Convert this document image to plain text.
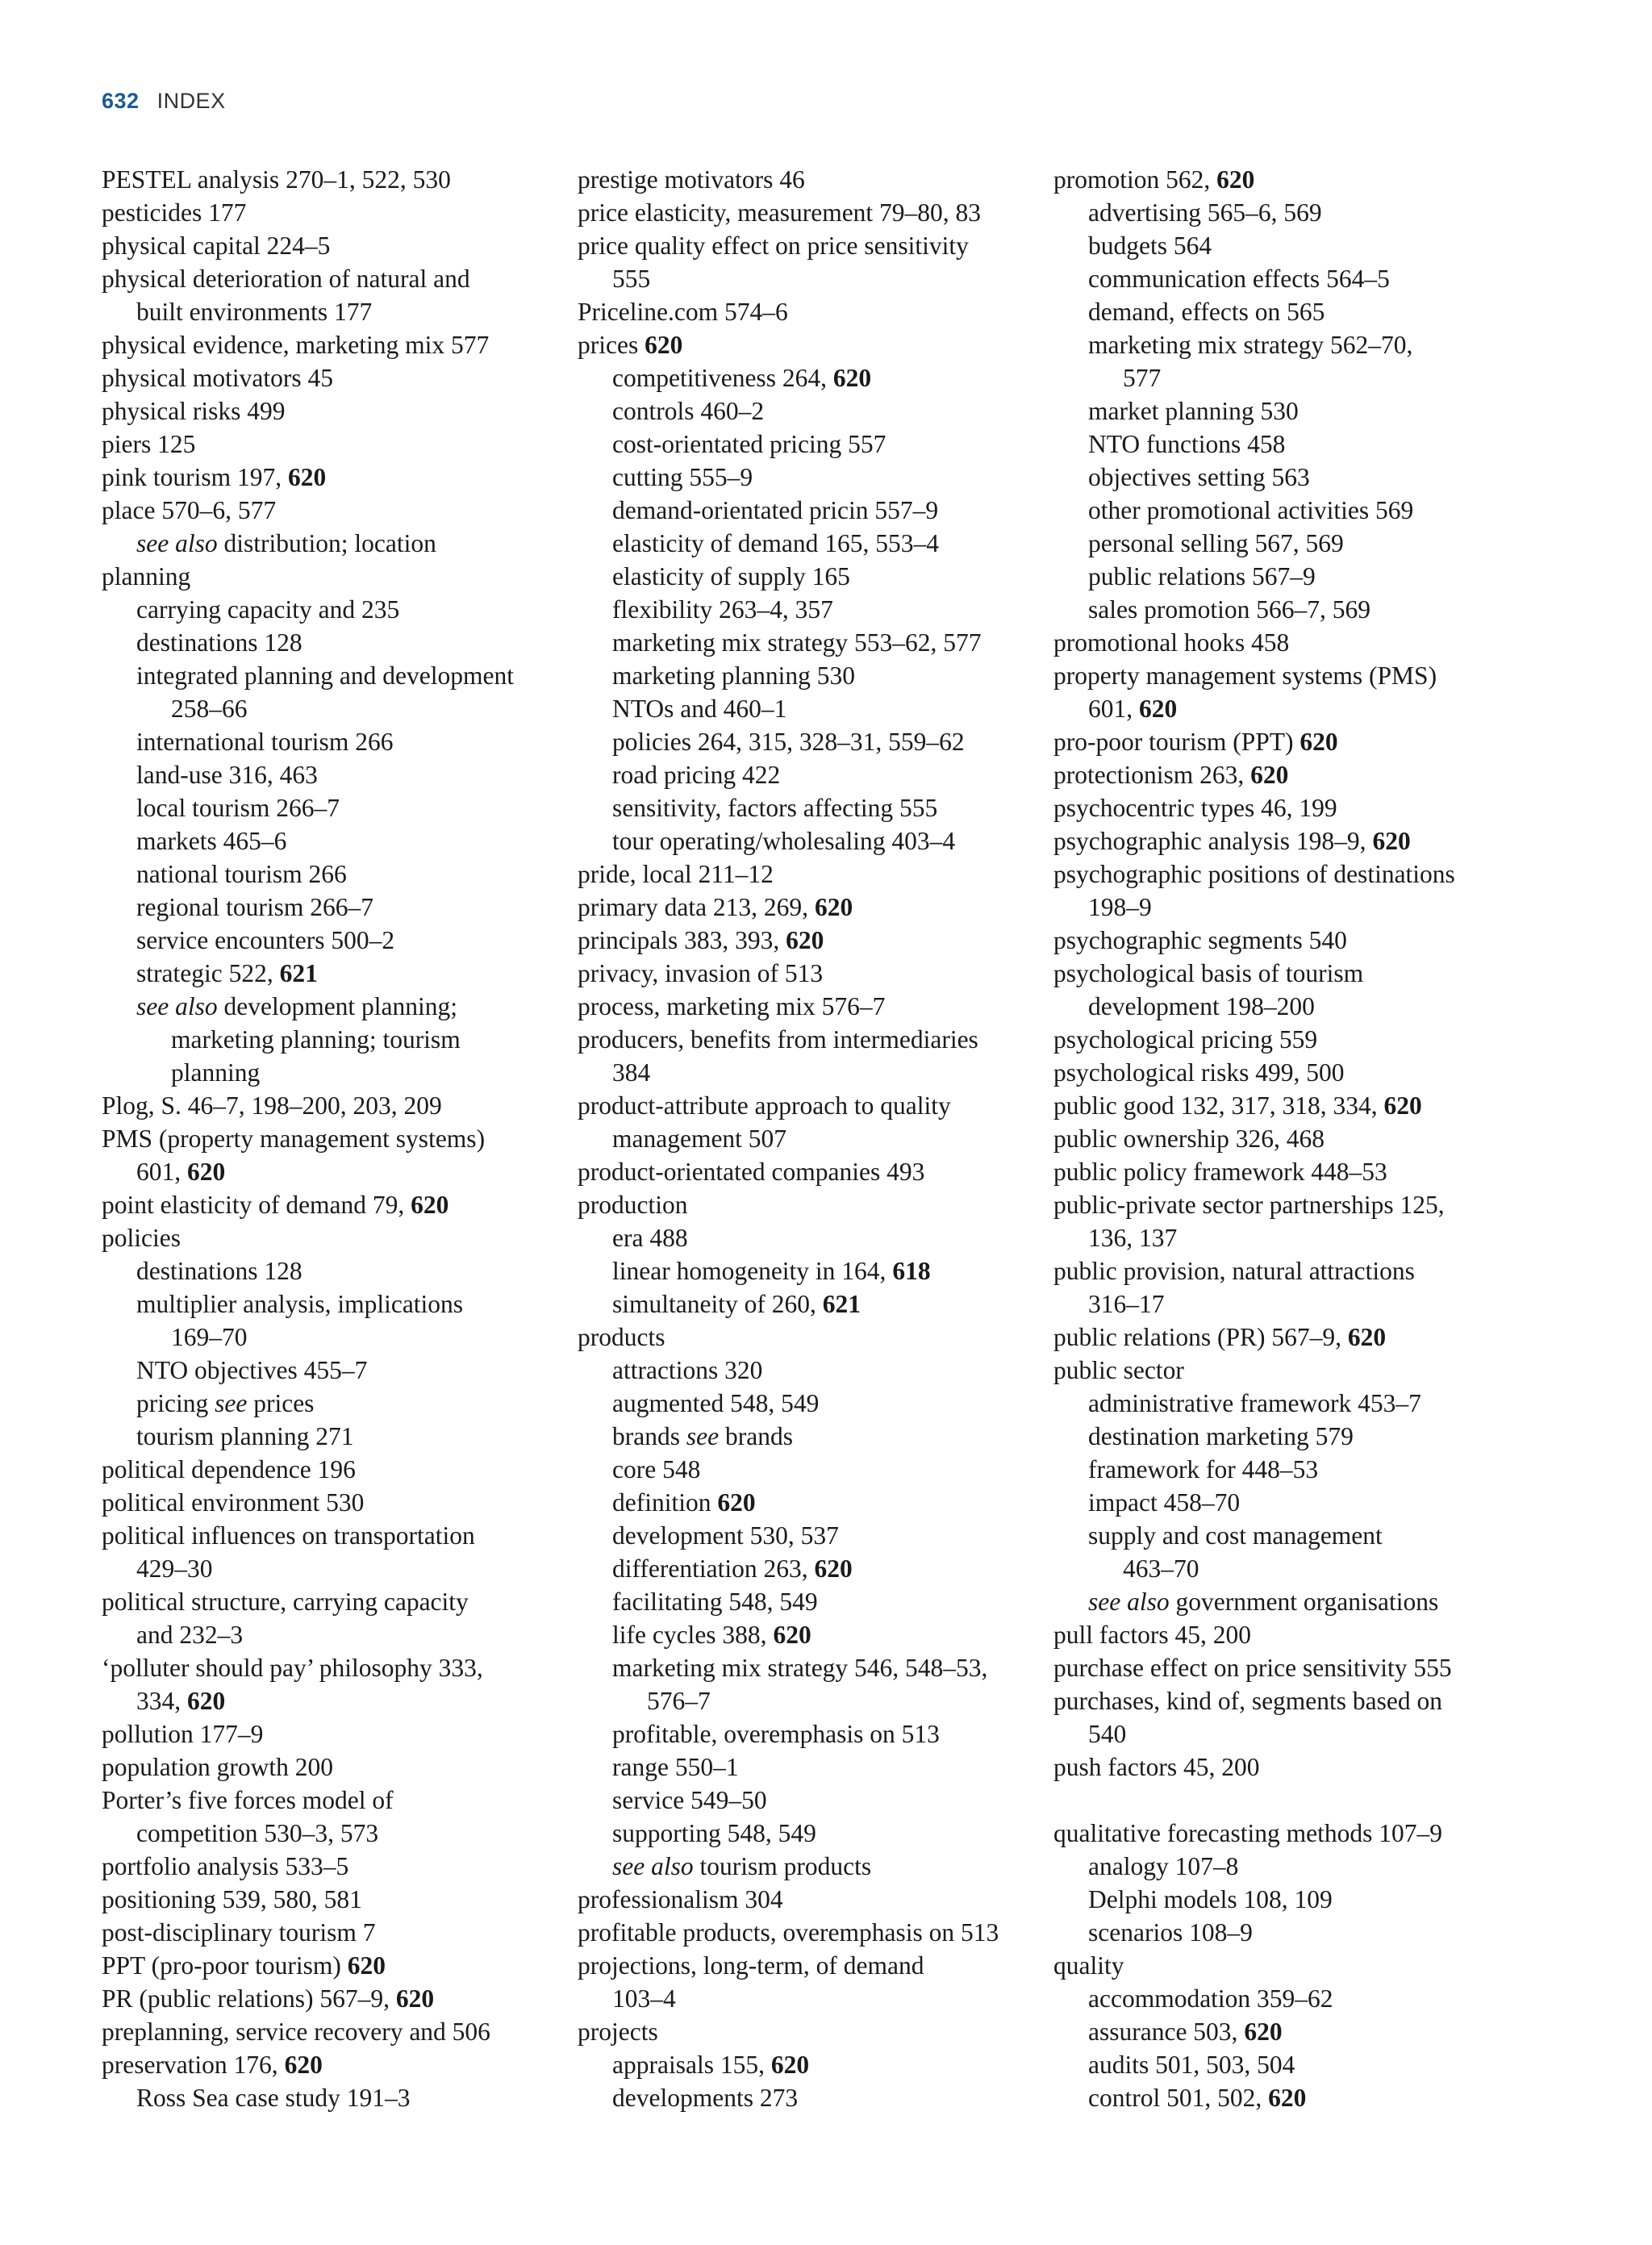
632 INDEX
PESTEL analysis 270–1, 522, 530
pesticides 177
physical capital 224–5
physical deterioration of natural and
built environments 177
physical evidence, marketing mix 577
physical motivators 45
physical risks 499
piers 125
pink tourism 197, 620
place 570–6, 577
see also distribution; location
planning
carrying capacity and 235
destinations 128
integrated planning and development
258–66
international tourism 266
land-use 316, 463
local tourism 266–7
markets 465–6
national tourism 266
regional tourism 266–7
service encounters 500–2
strategic 522, 621
see also development planning;
marketing planning; tourism
planning
Plog, S. 46–7, 198–200, 203, 209
PMS (property management systems)
601, 620
point elasticity of demand 79, 620
policies
destinations 128
multiplier analysis, implications
169–70
NTO objectives 455–7
pricing see prices
tourism planning 271
political dependence 196
political environment 530
political influences on transportation
429–30
political structure, carrying capacity
and 232–3
‘polluter should pay’ philosophy 333,
334, 620
pollution 177–9
population growth 200
Porter’s five forces model of
competition 530–3, 573
portfolio analysis 533–5
positioning 539, 580, 581
post-disciplinary tourism 7
PPT (pro-poor tourism) 620
PR (public relations) 567–9, 620
preplanning, service recovery and 506
preservation 176, 620
Ross Sea case study 191–3
prestige motivators 46
price elasticity, measurement 79–80, 83
price quality effect on price sensitivity
555
Priceline.com 574–6
prices 620
competitiveness 264, 620
controls 460–2
cost-orientated pricing 557
cutting 555–9
demand-orientated pricin 557–9
elasticity of demand 165, 553–4
elasticity of supply 165
flexibility 263–4, 357
marketing mix strategy 553–62, 577
marketing planning 530
NTOs and 460–1
policies 264, 315, 328–31, 559–62
road pricing 422
sensitivity, factors affecting 555
tour operating/wholesaling 403–4
pride, local 211–12
primary data 213, 269, 620
principals 383, 393, 620
privacy, invasion of 513
process, marketing mix 576–7
producers, benefits from intermediaries
384
product-attribute approach to quality
management 507
product-orientated companies 493
production
era 488
linear homogeneity in 164, 618
simultaneity of 260, 621
products
attractions 320
augmented 548, 549
brands see brands
core 548
definition 620
development 530, 537
differentiation 263, 620
facilitating 548, 549
life cycles 388, 620
marketing mix strategy 546, 548–53,
576–7
profitable, overemphasis on 513
range 550–1
service 549–50
supporting 548, 549
see also tourism products
professionalism 304
profitable products, overemphasis on 513
projections, long-term, of demand
103–4
projects
appraisals 155, 620
developments 273
promotion 562, 620
advertising 565–6, 569
budgets 564
communication effects 564–5
demand, effects on 565
marketing mix strategy 562–70,
577
market planning 530
NTO functions 458
objectives setting 563
other promotional activities 569
personal selling 567, 569
public relations 567–9
sales promotion 566–7, 569
promotional hooks 458
property management systems (PMS)
601, 620
pro-poor tourism (PPT) 620
protectionism 263, 620
psychocentric types 46, 199
psychographic analysis 198–9, 620
psychographic positions of destinations
198–9
psychographic segments 540
psychological basis of tourism
development 198–200
psychological pricing 559
psychological risks 499, 500
public good 132, 317, 318, 334, 620
public ownership 326, 468
public policy framework 448–53
public-private sector partnerships 125,
136, 137
public provision, natural attractions
316–17
public relations (PR) 567–9, 620
public sector
administrative framework 453–7
destination marketing 579
framework for 448–53
impact 458–70
supply and cost management
463–70
see also government organisations
pull factors 45, 200
purchase effect on price sensitivity 555
purchases, kind of, segments based on
540
push factors 45, 200
qualitative forecasting methods 107–9
analogy 107–8
Delphi models 108, 109
scenarios 108–9
quality
accommodation 359–62
assurance 503, 620
audits 501, 503, 504
control 501, 502, 620
